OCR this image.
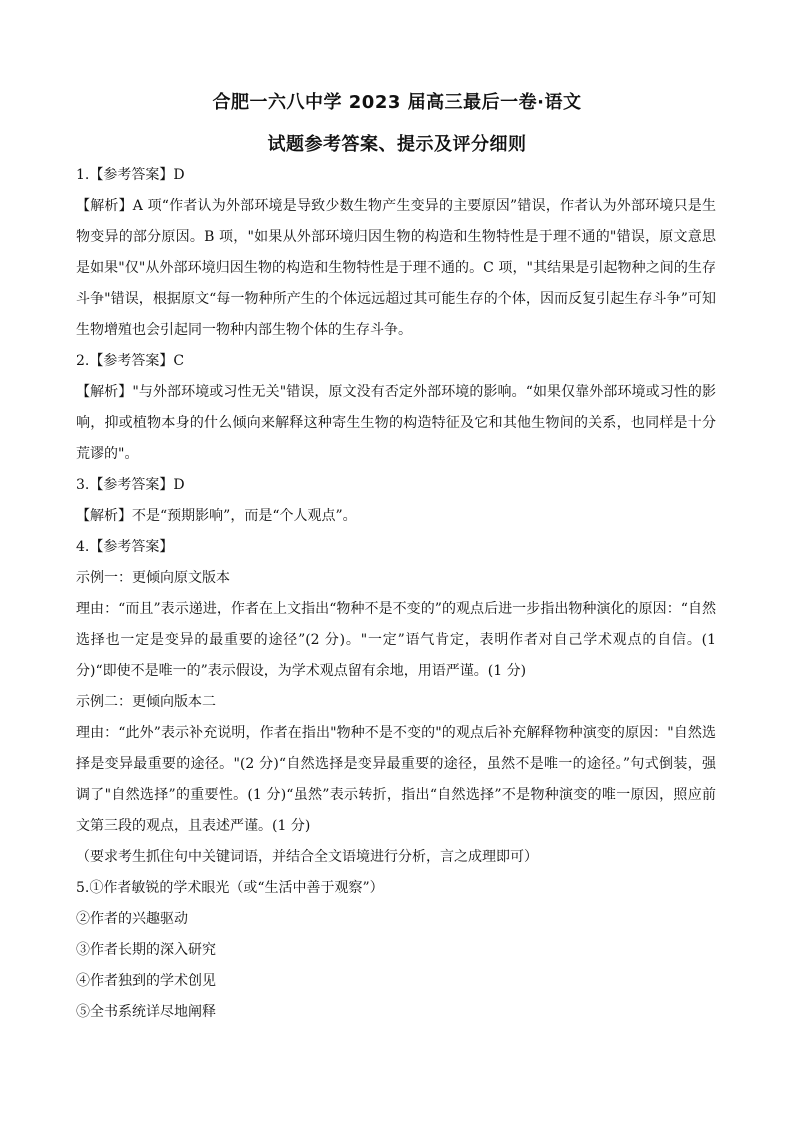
合肥一六八中学 2023 届高三最后一卷·语文
试题参考答案、提示及评分细则
1.【参考答案】D
【解析】A 项“作者认为外部环境是导致少数生物产生变异的主要原因”错误，作者认为外部环境只是生物变异的部分原因。B 项，"如果从外部环境归因生物的构造和生物特性是于理不通的"错误，原文意思是如果"仅"从外部环境归因生物的构造和生物特性是于理不通的。C 项，"其结果是引起物种之间的生存斗争"错误，根据原文“每一物种所产生的个体远远超过其可能生存的个体，因而反复引起生存斗争”可知生物增殖也会引起同一物种内部生物个体的生存斗争。
2.【参考答案】C
【解析】"与外部环境或习性无关"错误，原文没有否定外部环境的影响。“如果仅靠外部环境或习性的影响，抑或植物本身的什么倾向来解释这种寄生生物的构造特征及它和其他生物间的关系，也同样是十分荒谬的"。
3.【参考答案】D
【解析】不是“预期影响”，而是“个人观点”。
4.【参考答案】
示例一：更倾向原文版本
理由：“而且”表示递进，作者在上文指出“物种不是不变的”的观点后进一步指出物种演化的原因：“自然选择也一定是变异的最重要的途径”(2 分)。"一定”语气肯定，表明作者对自己学术观点的自信。(1 分)“即使不是唯一的”表示假设，为学术观点留有余地，用语严谨。(1 分)
示例二：更倾向版本二
理由：“此外”表示补充说明，作者在指出"物种不是不变的"的观点后补充解释物种演变的原因："自然选择是变异最重要的途径。"(2 分)“自然选择是变异最重要的途径，虽然不是唯一的途径。”句式倒装，强调了"自然选择”的重要性。(1 分)“虽然”表示转折，指出“自然选择”不是物种演变的唯一原因，照应前文第三段的观点，且表述严谨。(1 分)
（要求考生抓住句中关键词语，并结合全文语境进行分析，言之成理即可）
5.①作者敏锐的学术眼光（或“生活中善于观察”）
②作者的兴趣驱动
③作者长期的深入研究
④作者独到的学术创见
⑤全书系统详尽地阐释
